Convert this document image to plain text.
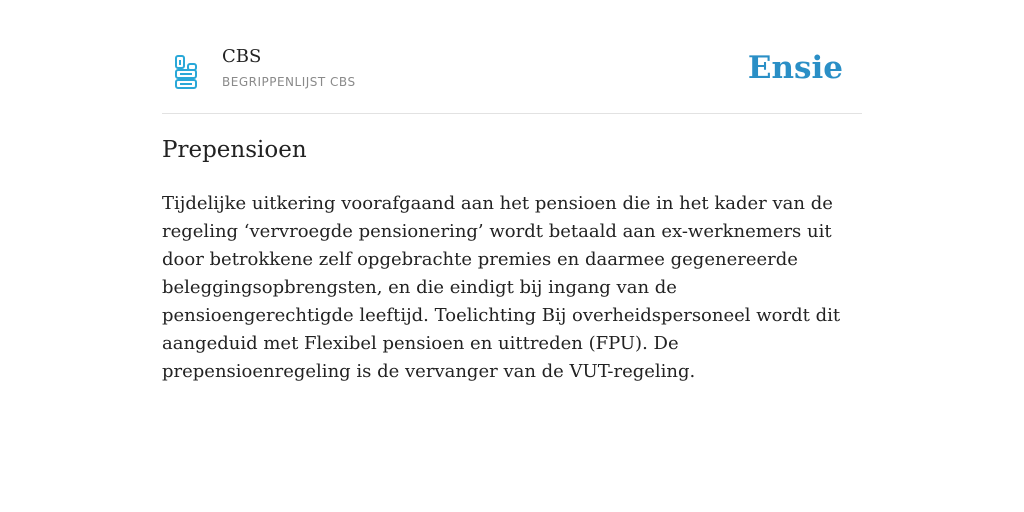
CBS
BEGRIPPENLIJST CBS	Ensie
Prepensioen

Tijdelijke uitkering voorafgaand aan het pensioen die in het kader van de regeling ‘vervroegde pensionering’ wordt betaald aan ex-werknemers uit door betrokkene zelf opgebrachte premies en daarmee gegenereerde beleggingsopbrengsten, en die eindigt bij ingang van de pensioengerechtigde leeftijd. Toelichting Bij overheidspersoneel wordt dit aangeduid met Flexibel pensioen en uittreden (FPU). De prepensioenregeling is de vervanger van de VUT-regeling.
